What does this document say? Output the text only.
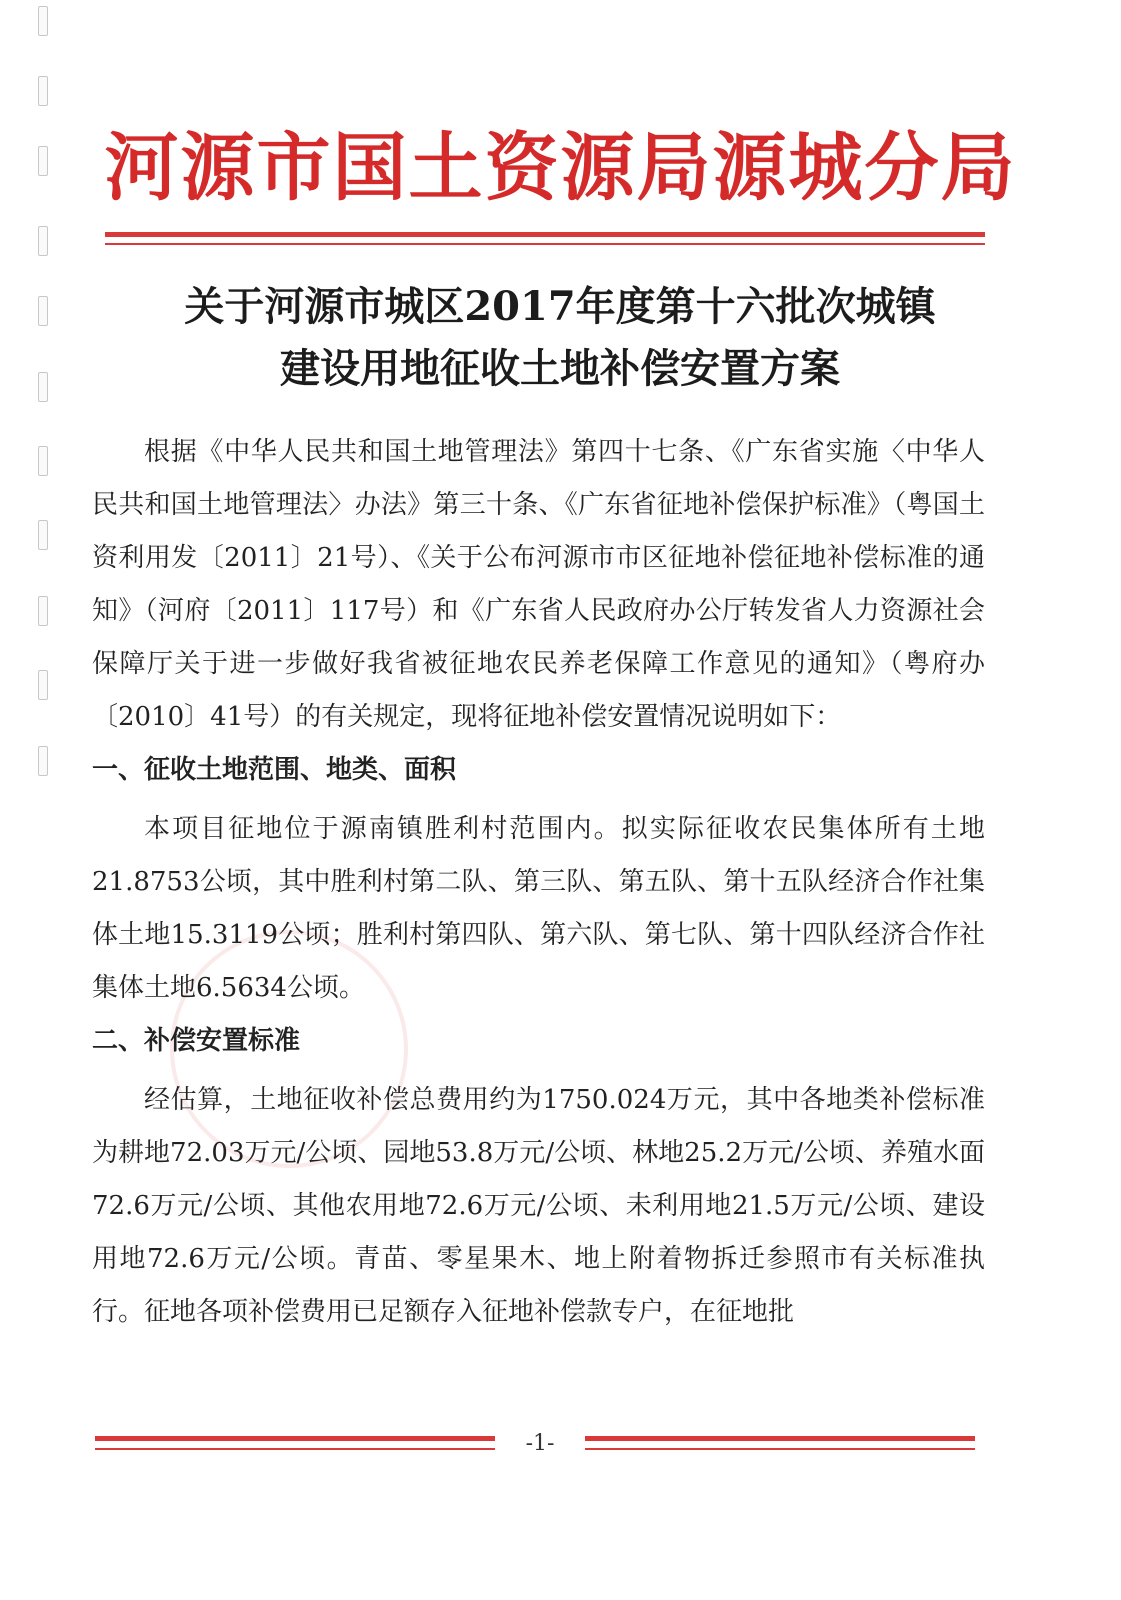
河源市国土资源局源城分局
关于河源市城区2017年度第十六批次城镇
建设用地征收土地补偿安置方案

根据《中华人民共和国土地管理法》第四十七条、《广东省实施〈中华人民共和国土地管理法〉办法》第三十条、《广东省征地补偿保护标准》（粤国土资利用发〔2011〕21号）、《关于公布河源市市区征地补偿征地补偿标准的通知》（河府〔2011〕117号）和《广东省人民政府办公厅转发省人力资源社会保障厅关于进一步做好我省被征地农民养老保障工作意见的通知》（粤府办〔2010〕41号）的有关规定，现将征地补偿安置情况说明如下：

一、征收土地范围、地类、面积

本项目征地位于源南镇胜利村范围内。拟实际征收农民集体所有土地21.8753公顷，其中胜利村第二队、第三队、第五队、第十五队经济合作社集体土地15.3119公顷；胜利村第四队、第六队、第七队、第十四队经济合作社集体土地6.5634公顷。

二、补偿安置标准

经估算，土地征收补偿总费用约为1750.024万元，其中各地类补偿标准为耕地72.03万元/公顷、园地53.8万元/公顷、林地25.2万元/公顷、养殖水面72.6万元/公顷、其他农用地72.6万元/公顷、未利用地21.5万元/公顷、建设用地72.6万元/公顷。青苗、零星果木、地上附着物拆迁参照市有关标准执行。征地各项补偿费用已足额存入征地补偿款专户，在征地批

-1-
